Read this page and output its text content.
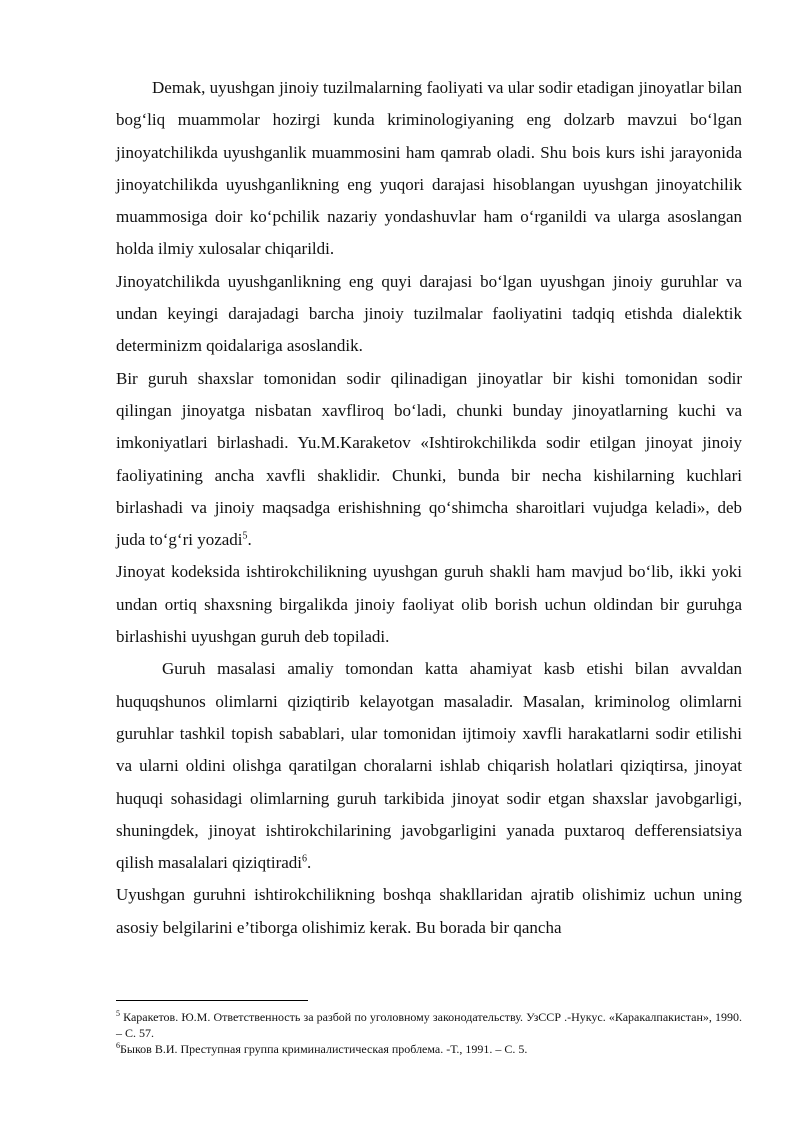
Demak, uyushgan jinoiy tuzilmalarning faoliyati va ular sodir etadigan jinoyatlar bilan bog‘liq muammolar hozirgi kunda kriminologiyaning eng dolzarb mavzui bo‘lgan jinoyatchilikda uyushganlik muammosini ham qamrab oladi. Shu bois kurs ishi jarayonida jinoyatchilikda uyushganlikning eng yuqori darajasi hisoblangan uyushgan jinoyatchilik muammosiga doir ko‘pchilik nazariy yondashuvlar ham o‘rganildi va ularga asoslangan holda ilmiy xulosalar chiqarildi.

Jinoyatchilikda uyushganlikning eng quyi darajasi bo‘lgan uyushgan jinoiy guruhlar va undan keyingi darajadagi barcha jinoiy tuzilmalar faoliyatini tadqiq etishda dialektik determinizm qoidalariga asoslandik.

Bir guruh shaxslar tomonidan sodir qilinadigan jinoyatlar bir kishi tomonidan sodir qilingan jinoyatga nisbatan xavfliroq bo‘ladi, chunki bunday jinoyatlarning kuchi va imkoniyatlari birlashadi. Yu.M.Karaketov «Ishtirokchilikda sodir etilgan jinoyat jinoiy faoliyatining ancha xavfli shaklidir. Chunki, bunda bir necha kishilarning kuchlari birlashadi va jinoiy maqsadga erishishning qo‘shimcha sharoitlari vujudga keladi», deb juda to‘g‘ri yozadi$^5$.

Jinoyat kodeksida ishtirokchilikning uyushgan guruh shakli ham mavjud bo‘lib, ikki yoki undan ortiq shaxsning birgalikda jinoiy faoliyat olib borish uchun oldindan bir guruhga birlashishi uyushgan guruh deb topiladi.

Guruh masalasi amaliy tomondan katta ahamiyat kasb etishi bilan avvaldan huquqshunos olimlarni qiziqtirib kelayotgan masaladir. Masalan, kriminolog olimlarni guruhlar tashkil topish sabablari, ular tomonidan ijtimoiy xavfli harakatlarni sodir etilishi va ularni oldini olishga qaratilgan choralarni ishlab chiqarish holatlari qiziqtirsa, jinoyat huquqi sohasidagi olimlarning guruh tarkibida jinoyat sodir etgan shaxslar javobgarligi, shuningdek, jinoyat ishtirokchilarining javobgarligini yanada puxtaroq defferensiatsiya qilish masalalari qiziqtiradi$^6$.

Uyushgan guruhni ishtirokchilikning boshqa shakllaridan ajratib olishimiz uchun uning asosiy belgilarini e’tiborga olishimiz kerak. Bu borada bir qancha

$^5$ Каракетов. Ю.М. Ответственность за разбой по уголовному законодательству. УзССР .-Нукус. «Каракалпакистан», 1990. – С. 57.

$^6$Быков В.И. Преступная группа криминалистическая проблема. -Т., 1991. – С. 5.
